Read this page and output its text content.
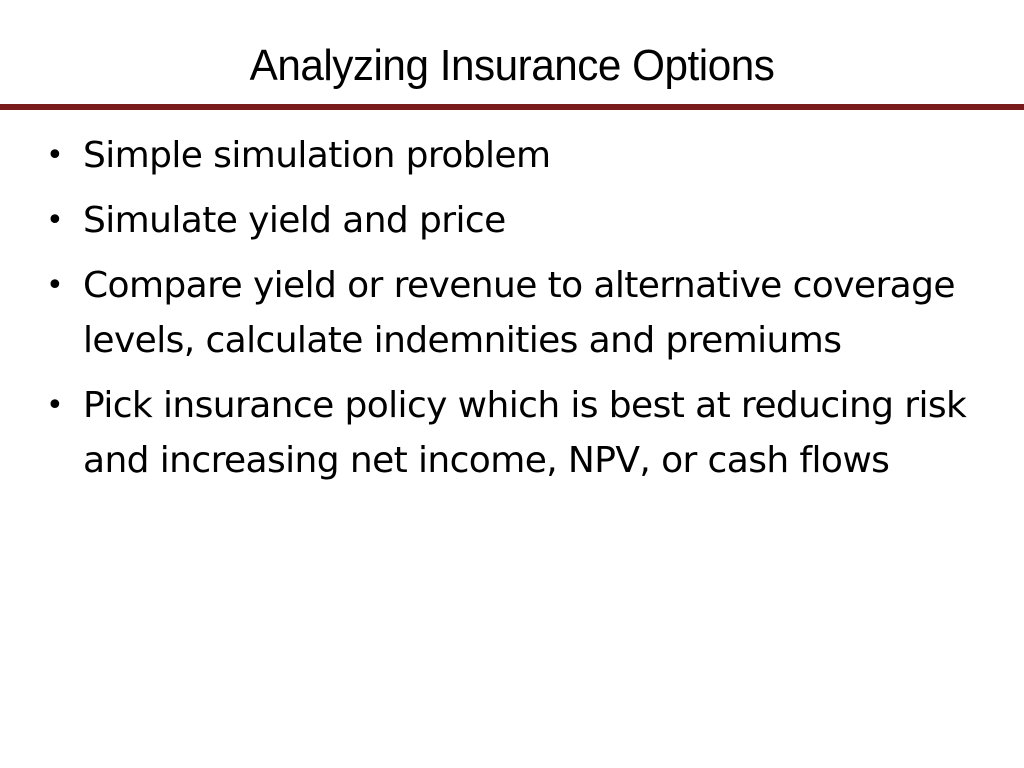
Analyzing Insurance Options
• Simple simulation problem
• Simulate yield and price
• Compare yield or revenue to alternative coverage levels, calculate indemnities and premiums
• Pick insurance policy which is best at reducing risk and increasing net income, NPV, or cash flows
